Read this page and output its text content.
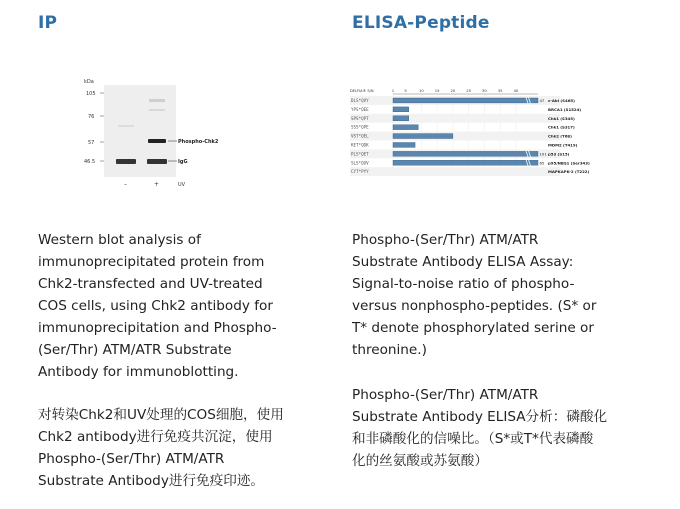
IP
kDa
105
76
57
46.5
Phospho-Chk2
IgG
–	+	UV

Western blot analysis of
immunoprecipitated protein from
Chk2-transfected and UV-treated
COS cells, using Chk2 antibody for
immunoprecipitation and Phospho-
(Ser/Thr) ATM/ATR Substrate
Antibody for immunoblotting.

对转染Chk2和UV处理的COS细胞，使用
Chk2 antibody进行免疫共沉淀，使用
Phospho-(Ser/Thr) ATM/ATR
Substrate Antibody进行免疫印迹。

ELISA-Peptide
DELFIA® S/N	1	5	10	15	20	25	30	35	40
DLS*QVY	47 c-Abl (S465)
YPS*QEE	BRCA1 (S1524)
SPS*QPT	Chk1 (S345)
SSS*QPE	Chk1 (S317)
VST*QEL	Chk2 (T68)
KET*QDK	MDM2 (T419)
PLS*QET	101 p53 (S15)
SLS*QUV	65 p95/NBS1 (Ser343)
CYT*PYY	MAPKAPK-2 (T222)

Phospho-(Ser/Thr) ATM/ATR
Substrate Antibody ELISA Assay:
Signal-to-noise ratio of phospho-
versus nonphospho-peptides. (S* or
T* denote phosphorylated serine or
threonine.)

Phospho-(Ser/Thr) ATM/ATR
Substrate Antibody ELISA分析：磷酸化
和非磷酸化的信噪比。（S*或T*代表磷酸
化的丝氨酸或苏氨酸）
